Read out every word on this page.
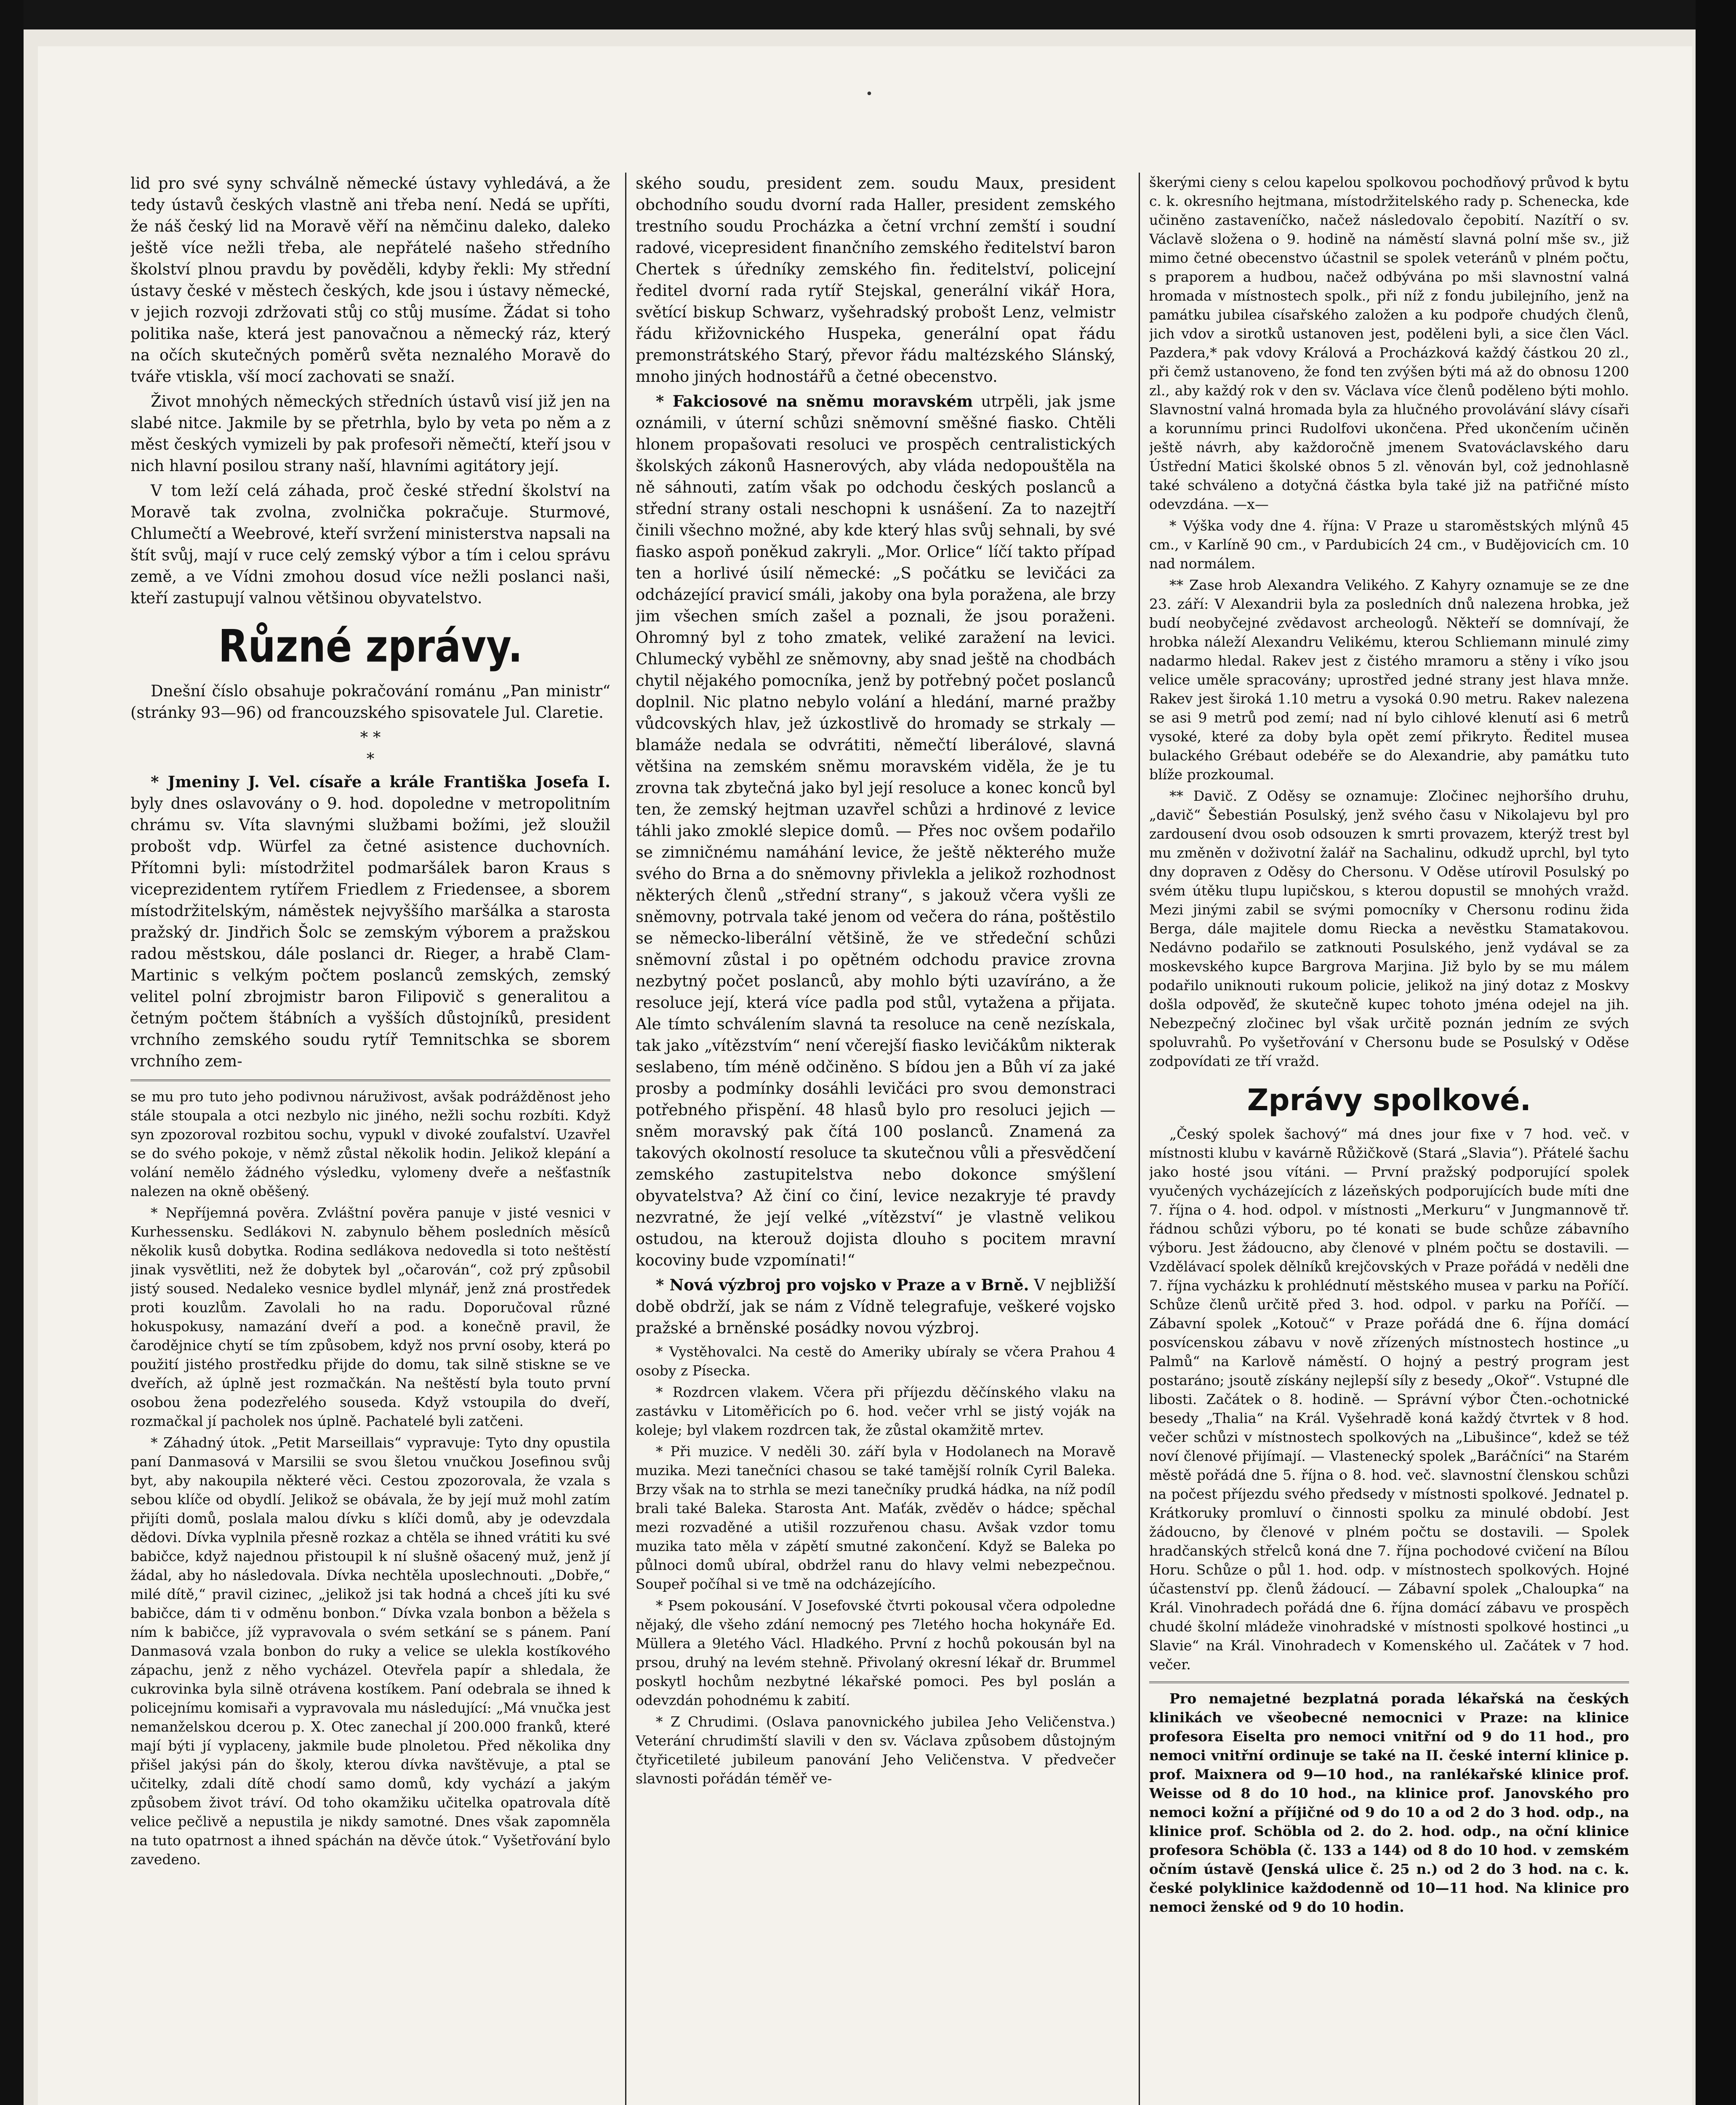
•

lid pro své syny schválně německé ústavy vyhledává, a že tedy ústavů českých vlastně ani třeba není. Nedá se upříti, že náš český lid na Moravě věří na němčinu daleko, daleko ještě více nežli třeba, ale nepřátelé našeho středního školství plnou pravdu by pověděli, kdyby řekli: My střední ústavy české v městech českých, kde jsou i ústavy německé, v jejich rozvoji zdržovati stůj co stůj musíme. Žádat si toho politika naše, která jest panovačnou a německý ráz, který na očích skutečných poměrů světa neznalého Moravě do tváře vtiskla, vší mocí zachovati se snaží.

Život mnohých německých středních ústavů visí již jen na slabé nitce. Jakmile by se přetrhla, bylo by veta po něm a z měst českých vymizeli by pak profesoři němečtí, kteří jsou v nich hlavní posilou strany naší, hlavními agitátory její.

V tom leží celá záhada, proč české střední školství na Moravě tak zvolna, zvolnička pokračuje. Sturmové, Chlumečtí a Weebrové, kteří svržení ministerstva napsali na štít svůj, mají v ruce celý zemský výbor a tím i celou správu země, a ve Vídni zmohou dosud více nežli poslanci naši, kteří zastupují valnou většinou obyvatelstvo.

Různé zprávy.

Dnešní číslo obsahuje pokračování románu „Pan ministr“ (stránky 93—96) od francouzského spisovatele Jul. Claretie.

* *
*

* Jmeniny J. Vel. císaře a krále Františka Josefa I. byly dnes oslavovány o 9. hod. dopoledne v metropolitním chrámu sv. Víta slavnými službami božími, jež sloužil probošt vdp. Würfel za četné asistence duchovních. Přítomni byli: místodržitel podmaršálek baron Kraus s viceprezidentem rytířem Friedlem z Friedensee, a sborem místodržitelským, náměstek nejvyššího maršálka a starosta pražský dr. Jindřich Šolc se zemským výborem a pražskou radou městskou, dále poslanci dr. Rieger, a hrabě Clam-Martinic s velkým počtem poslanců zemských, zemský velitel polní zbrojmistr baron Filipovič s generalitou a četným počtem štábních a vyšších důstojníků, president vrchního zemského soudu rytíř Temnitschka se sborem vrchního zem-

se mu pro tuto jeho podivnou náruživost, avšak podrážděnost jeho stále stoupala a otci nezbylo nic jiného, nežli sochu rozbíti. Když syn zpozoroval rozbitou sochu, vypukl v divoké zoufalství. Uzavřel se do svého pokoje, v němž zůstal několik hodin. Jelikož klepání a volání nemělo žádného výsledku, vylomeny dveře a nešťastník nalezen na okně oběšený.

* Nepříjemná pověra. Zvláštní pověra panuje v jisté vesnici v Kurhessensku. Sedlákovi N. zabynulo během posledních měsíců několik kusů dobytka. Rodina sedlákova nedovedla si toto neštěstí jinak vysvětliti, než že dobytek byl „očarován“, což prý způsobil jistý soused. Nedaleko vesnice bydlel mlynář, jenž zná prostředek proti kouzlům. Zavolali ho na radu. Doporučoval různé hokuspokusy, namazání dveří a pod. a konečně pravil, že čarodějnice chytí se tím způsobem, když nos první osoby, která po použití jistého prostředku přijde do domu, tak silně stiskne se ve dveřích, až úplně jest rozmačkán. Na neštěstí byla touto první osobou žena podezřelého souseda. Když vstoupila do dveří, rozmačkal jí pacholek nos úplně. Pachatelé byli zatčeni.

* Záhadný útok. „Petit Marseillais“ vypravuje: Tyto dny opustila paní Danmasová v Marsilii se svou šletou vnučkou Josefinou svůj byt, aby nakoupila některé věci. Cestou zpozorovala, že vzala s sebou klíče od obydlí. Jelikož se obávala, že by její muž mohl zatím přijíti domů, poslala malou dívku s klíči domů, aby je odevzdala dědovi. Dívka vyplnila přesně rozkaz a chtěla se ihned vrátiti ku své babičce, když najednou přistoupil k ní slušně ošacený muž, jenž jí žádal, aby ho následovala. Dívka nechtěla uposlechnouti. „Dobře,“ milé dítě,“ pravil cizinec, „jelikož jsi tak hodná a chceš jíti ku své babičce, dám ti v odměnu bonbon.“ Dívka vzala bonbon a běžela s ním k babičce, jíž vypravovala o svém setkání se s pánem. Paní Danmasová vzala bonbon do ruky a velice se ulekla kostíkového zápachu, jenž z něho vycházel. Otevřela papír a shledala, že cukrovinka byla silně otrávena kostíkem. Paní odebrala se ihned k policejnímu komisaři a vypravovala mu následující: „Má vnučka jest nemanželskou dcerou p. X. Otec zanechal jí 200.000 franků, které mají býti jí vyplaceny, jakmile bude plnoletou. Před několika dny přišel jakýsi pán do školy, kterou dívka navštěvuje, a ptal se učitelky, zdali dítě chodí samo domů, kdy vychází a jakým způsobem život tráví. Od toho okamžiku učitelka opatrovala dítě velice pečlivě a nepustila je nikdy samotné. Dnes však zapomněla na tuto opatrnost a ihned spáchán na děvče útok.“ Vyšetřování bylo zavedeno.

ského soudu, president zem. soudu Maux, president obchodního soudu dvorní rada Haller, president zemského trestního soudu Procházka a četní vrchní zemští i soudní radové, vicepresident finančního zemského ředitelství baron Chertek s úředníky zemského fin. ředitelství, policejní ředitel dvorní rada rytíř Stejskal, generální vikář Hora, světící biskup Schwarz, vyšehradský probošt Lenz, velmistr řádu křižovnického Huspeka, generální opat řádu premonstrátského Starý, převor řádu maltézského Slánský, mnoho jiných hodnostářů a četné obecenstvo.

* Fakciosové na sněmu moravském utrpěli, jak jsme oznámili, v úterní schůzi sněmovní směšné fiasko. Chtěli hlonem propašovati resoluci ve prospěch centralistických školských zákonů Hasnerových, aby vláda nedopouštěla na ně sáhnouti, zatím však po odchodu českých poslanců a střední strany ostali neschopni k usnášení. Za to nazejtří činili všechno možné, aby kde který hlas svůj sehnali, by své fiasko aspoň poněkud zakryli. „Mor. Orlice“ líčí takto případ ten a horlivé úsilí německé: „S počátku se levičáci za odcházející pravicí smáli, jakoby ona byla poražena, ale brzy jim všechen smích zašel a poznali, že jsou poraženi. Ohromný byl z toho zmatek, veliké zaražení na levici. Chlumecký vyběhl ze sněmovny, aby snad ještě na chodbách chytil nějakého pomocníka, jenž by potřebný počet poslanců doplnil. Nic platno nebylo volání a hledání, marné pražby vůdcovských hlav, jež úzkostlivě do hromady se strkaly — blamáže nedala se odvrátiti, němečtí liberálové, slavná většina na zemském sněmu moravském viděla, že je tu zrovna tak zbytečná jako byl její resoluce a konec konců byl ten, že zemský hejtman uzavřel schůzi a hrdinové z levice táhli jako zmoklé slepice domů. — Přes noc ovšem podařilo se zimničnému namáhání levice, že ještě některého muže svého do Brna a do sněmovny přivlekla a jelikož rozhodnost některých členů „střední strany“, s jakouž včera vyšli ze sněmovny, potrvala také jenom od večera do rána, poštěstilo se německo-liberální většině, že ve středeční schůzi sněmovní zůstal i po opětném odchodu pravice zrovna nezbytný počet poslanců, aby mohlo býti uzavíráno, a že resoluce její, která více padla pod stůl, vytažena a přijata. Ale tímto schválením slavná ta resoluce na ceně nezískala, tak jako „vítězstvím“ není včerejší fiasko levičákům nikterak seslabeno, tím méně odčiněno. S bídou jen a Bůh ví za jaké prosby a podmínky dosáhli levičáci pro svou demonstraci potřebného přispění. 48 hlasů bylo pro resoluci jejich — sněm moravský pak čítá 100 poslanců. Znamená za takových okolností resoluce ta skutečnou vůli a přesvědčení zemského zastupitelstva nebo dokonce smýšlení obyvatelstva? Až činí co činí, levice nezakryje té pravdy nezvratné, že její velké „vítězství“ je vlastně velikou ostudou, na kterouž dojista dlouho s pocitem mravní kocoviny bude vzpomínati!“

* Nová výzbroj pro vojsko v Praze a v Brně. V nejbližší době obdrží, jak se nám z Vídně telegrafuje, veškeré vojsko pražské a brněnské posádky novou výzbroj.

* Vystěhovalci. Na cestě do Ameriky ubíraly se včera Prahou 4 osoby z Písecka.

* Rozdrcen vlakem. Včera při příjezdu děčínského vlaku na zastávku v Litoměřicích po 6. hod. večer vrhl se jistý voják na koleje; byl vlakem rozdrcen tak, že zůstal okamžitě mrtev.

* Při muzice. V neděli 30. září byla v Hodolanech na Moravě muzika. Mezi tanečníci chasou se také tamější rolník Cyril Baleka. Brzy však na to strhla se mezi tanečníky prudká hádka, na níž podíl brali také Balekа. Starosta Ant. Maťák, zvěděv o hádce; spěchal mezi rozvaděné a utišil rozzuřenou chasu. Avšak vzdor tomu muzika tato měla v zápětí smutné zakončení. Když se Baleka po půlnoci domů ubíral, obdržel ranu do hlavy velmi nebezpečnou. Soupeř počíhal si ve tmě na odcházejícího.

* Psem pokousání. V Josefovské čtvrti pokousal včera odpoledne nějaký, dle všeho zdání nemocný pes 7letého hocha hokynáře Ed. Müllera a 9letého Václ. Hladkého. První z hochů pokousán byl na prsou, druhý na levém stehně. Přivolaný okresní lékař dr. Brummel poskytl hochům nezbytné lékařské pomoci. Pes byl poslán a odevzdán pohodnému k zabití.

* Z Chrudimi. (Oslava panovnického jubilea Jeho Veličenstva.) Veterání chrudimští slavili v den sv. Václava způsobem důstojným čtyřicetileté jubileum panování Jeho Veličenstva. V předvečer slavnosti pořádán téměř ve-

škerými cieny s celou kapelou spolkovou pochodňový průvod k bytu c. k. okresního hejtmana, místodržitelského rady p. Schenecka, kde učiněno zastaveníčko, načež následovalo čepobití. Nazítří o sv. Václavě složena o 9. hodině na náměstí slavná polní mše sv., již mimo četné obecenstvo účastnil se spolek veteránů v plném počtu, s praporem a hudbou, načež odbývána po mši slavnostní valná hromada v místnostech spolk., při níž z fondu jubilejního, jenž na památku jubilea císařského založen a ku podpoře chudých členů, jich vdov a sirotků ustanoven jest, poděleni byli, a sice člen Václ. Pazdera,* pak vdovy Králová a Procházková každý částkou 20 zl., při čemž ustanoveno, že fond ten zvýšen býti má až do obnosu 1200 zl., aby každý rok v den sv. Václava více členů poděleno býti mohlo. Slavnostní valná hromada byla za hlučného provolávání slávy císaři a korunnímu princi Rudolfovi ukončena. Před ukončením učiněn ještě návrh, aby každoročně jmenem Svatováclavského daru Ústřední Matici školské obnos 5 zl. věnován byl, což jednohlasně také schváleno a dotyčná částka byla také již na patřičné místo odevzdána. —x—

* Výška vody dne 4. října: V Praze u staroměstských mlýnů 45 cm., v Karlíně 90 cm., v Pardubicích 24 cm., v Budějovicích cm. 10 nad normálem.

** Zase hrob Alexandra Velikého. Z Kahyry oznamuje se ze dne 23. září: V Alexandrii byla za posledních dnů nalezena hrobka, jež budí neobyčejné zvědavost archeologů. Někteří se domnívají, že hrobka náleží Alexandru Velikému, kterou Schliemann minulé zimy nadarmo hledal. Rakev jest z čistého mramoru a stěny i víko jsou velice uměle spracovány; uprostřed jedné strany jest hlava mnže. Rakev jest široká 1.10 metru a vysoká 0.90 metru. Rakev nalezena se asi 9 metrů pod zemí; nad ní bylo cihlové klenutí asi 6 metrů vysoké, které za doby byla opět zemí přikryto. Ředitel musea bulackého Grébaut odebéře se do Alexandrie, aby památku tuto blíže prozkoumal.

** Davič. Z Oděsy se oznamuje: Zločinec nejhoršího druhu, „davič“ Šebestián Posulský, jenž svého času v Nikolajevu byl pro zardousení dvou osob odsouzen k smrti provazem, kterýž trest byl mu změněn v doživotní žalář na Sachalinu, odkudž uprchl, byl tyto dny dopraven z Oděsy do Chersonu. V Oděse utírovil Posulský po svém útěku tlupu lupičskou, s kterou dopustil se mnohých vražd. Mezi jinými zabil se svými pomocníky v Chersonu rodinu žida Berga, dále majitele domu Riecka a nevěstku Stamatakovou. Nedávno podařilo se zatknouti Posulského, jenž vydával se za moskevského kupce Bargrova Marjina. Již bylo by se mu málem podařilo uniknouti rukoum policie, jelikož na jiný dotaz z Moskvy došla odpověď, že skutečně kupec tohoto jména odejel na jih. Nebezpečný zločinec byl však určitě poznán jedním ze svých spoluvrahů. Po vyšetřování v Chersonu bude se Posulský v Oděse zodpovídati ze tří vražd.

Zprávy spolkové.

„Český spolek šachový“ má dnes jour fixe v 7 hod. več. v místnosti klubu v kavárně Růžičkově (Stará „Slavia“). Přátelé šachu jako hosté jsou vítáni. — První pražský podporující spolek vyučených vycházejících z lázeňských podporujících bude míti dne 7. října o 4. hod. odpol. v místnosti „Merkuru“ v Jungmannově tř. řádnou schůzi výboru, po té konati se bude schůze zábavního výboru. Jest žádoucno, aby členové v plném počtu se dostavili. — Vzdělávací spolek dělníků krejčovských v Praze pořádá v neděli dne 7. října vycházku k prohlédnutí městského musea v parku na Poříčí. Schůze členů určitě před 3. hod. odpol. v parku na Poříčí. — Zábavní spolek „Kotouč“ v Praze pořádá dne 6. října domácí posvícenskou zábavu v nově zřízených místnostech hostince „u Palmů“ na Karlově náměstí. O hojný a pestrý program jest postaráno; jsoutě získány nejlepší síly z besedy „Okoř“. Vstupné dle libosti. Začátek o 8. hodině. — Správní výbor Čten.-ochotnické besedy „Thalia“ na Král. Vyšehradě koná každý čtvrtek v 8 hod. večer schůzi v místnostech spolkových na „Libušince“, kdež se též noví členové přijímají. — Vlastenecký spolek „Baráčníci“ na Starém městě pořádá dne 5. října o 8. hod. več. slavnostní členskou schůzi na počest příjezdu svého předsedy v místnosti spolkové. Jednatel p. Krátkoruky promluví o činnosti spolku za minulé období. Jest žádoucno, by členové v plném počtu se dostavili. — Spolek hradčanských střelců koná dne 7. října pochodové cvičení na Bílou Horu. Schůze o půl 1. hod. odp. v místnostech spolkových. Hojné účastenství pp. členů žádoucí. — Zábavní spolek „Chaloupka“ na Král. Vinohradech pořádá dne 6. října domácí zábavu ve prospěch chudé školní mládeže vinohradské v místnosti spolkové hostinci „u Slavie“ na Král. Vinohradech v Komenského ul. Začátek v 7 hod. večer.

Pro nemajetné bezplatná porada lékařská na českých klinikách ve všeobecné nemocnici v Praze: na klinice profesora Eiselta pro nemoci vnitřní od 9 do 11 hod., pro nemoci vnitřní ordinuje se také na II. české interní klinice p. prof. Maixnera od 9—10 hod., na ranlékařské klinice prof. Weisse od 8 do 10 hod., na klinice prof. Janovského pro nemoci kožní a příjičné od 9 do 10 a od 2 do 3 hod. odp., na klinice prof. Schöbla od 2. do 2. hod. odp., na oční klinice profesora Schöbla (č. 133 a 144) od 8 do 10 hod. v zemském očním ústavě (Jenská ulice č. 25 n.) od 2 do 3 hod. na c. k. české polyklinice každodenně od 10—11 hod. Na klinice pro nemoci ženské od 9 do 10 hodin.
